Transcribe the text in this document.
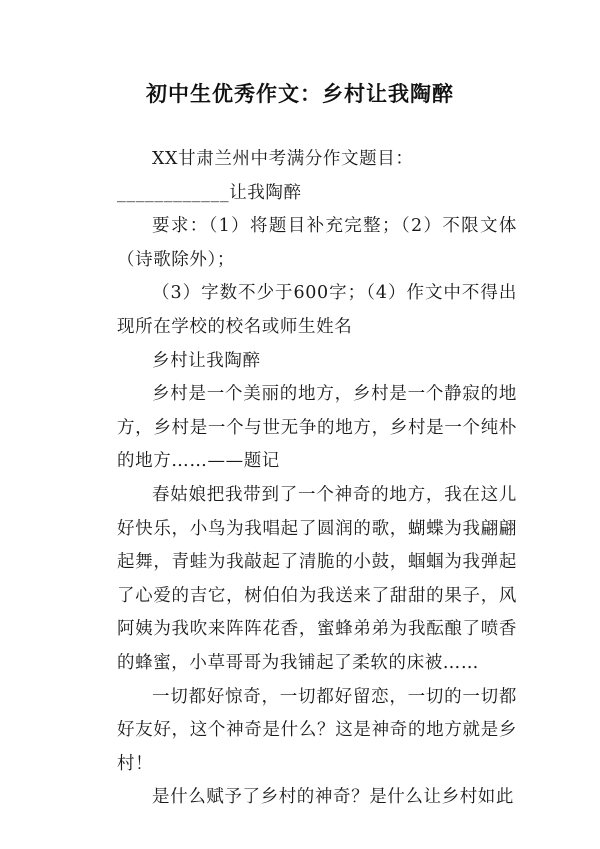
初中生优秀作文：乡村让我陶醉

XX甘肃兰州中考满分作文题目：

____________让我陶醉

要求：（1）将题目补充完整；（2）不限文体（诗歌除外）；

（3）字数不少于600字；（4）作文中不得出现所在学校的校名或师生姓名

乡村让我陶醉

乡村是一个美丽的地方，乡村是一个静寂的地方，乡村是一个与世无争的地方，乡村是一个纯朴的地方……——题记

春姑娘把我带到了一个神奇的地方，我在这儿好快乐，小鸟为我唱起了圆润的歌，蝴蝶为我翩翩起舞，青蛙为我敲起了清脆的小鼓，蝈蝈为我弹起了心爱的吉它，树伯伯为我送来了甜甜的果子，风阿姨为我吹来阵阵花香，蜜蜂弟弟为我酝酿了喷香的蜂蜜，小草哥哥为我铺起了柔软的床被……

一切都好惊奇，一切都好留恋，一切的一切都好友好，这个神奇是什么？这是神奇的地方就是乡村！

是什么赋予了乡村的神奇？是什么让乡村如此
